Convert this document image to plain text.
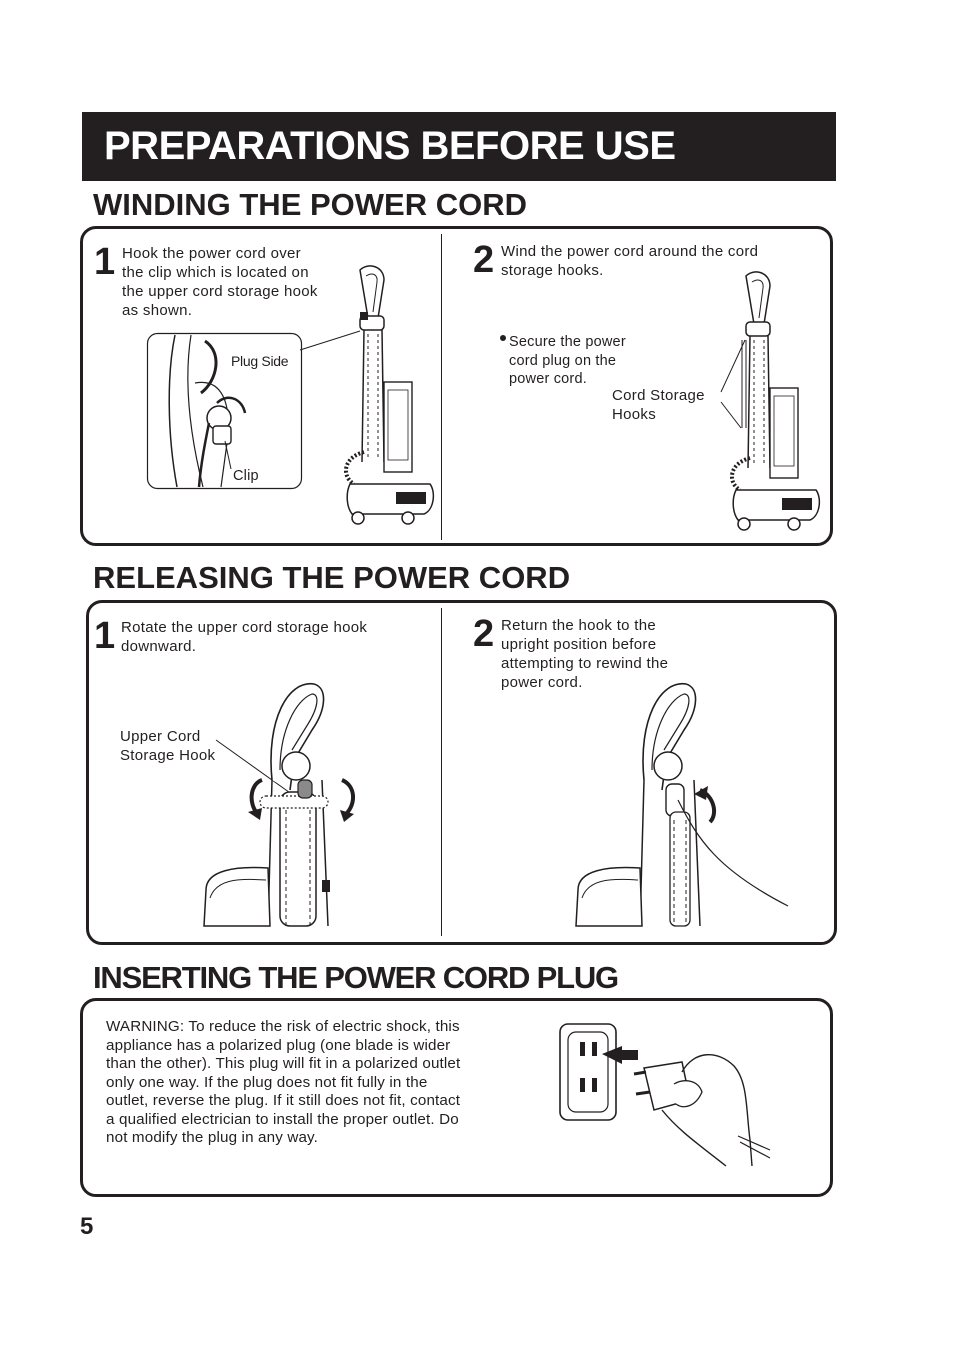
PREPARATIONS BEFORE USE
WINDING THE POWER CORD
1 Hook the power cord over
the clip which is located on
the upper cord storage hook
as shown.
Plug Side
Clip
2 Wind the power cord around the cord
storage hooks.
Secure the power
cord plug on the
power cord.
Cord Storage
Hooks
RELEASING THE POWER CORD
1 Rotate the upper cord storage hook
downward.
Upper Cord
Storage Hook
2 Return the hook to the
upright position before
attempting to rewind the
power cord.
INSERTING THE POWER CORD PLUG
WARNING: To reduce the risk of electric shock, this
appliance has a polarized plug (one blade is wider
than the other). This plug will fit in a polarized outlet
only one way. If the plug does not fit fully in the
outlet, reverse the plug. If it still does not fit, contact
a qualified electrician to install the proper outlet. Do
not modify the plug in any way.
5
